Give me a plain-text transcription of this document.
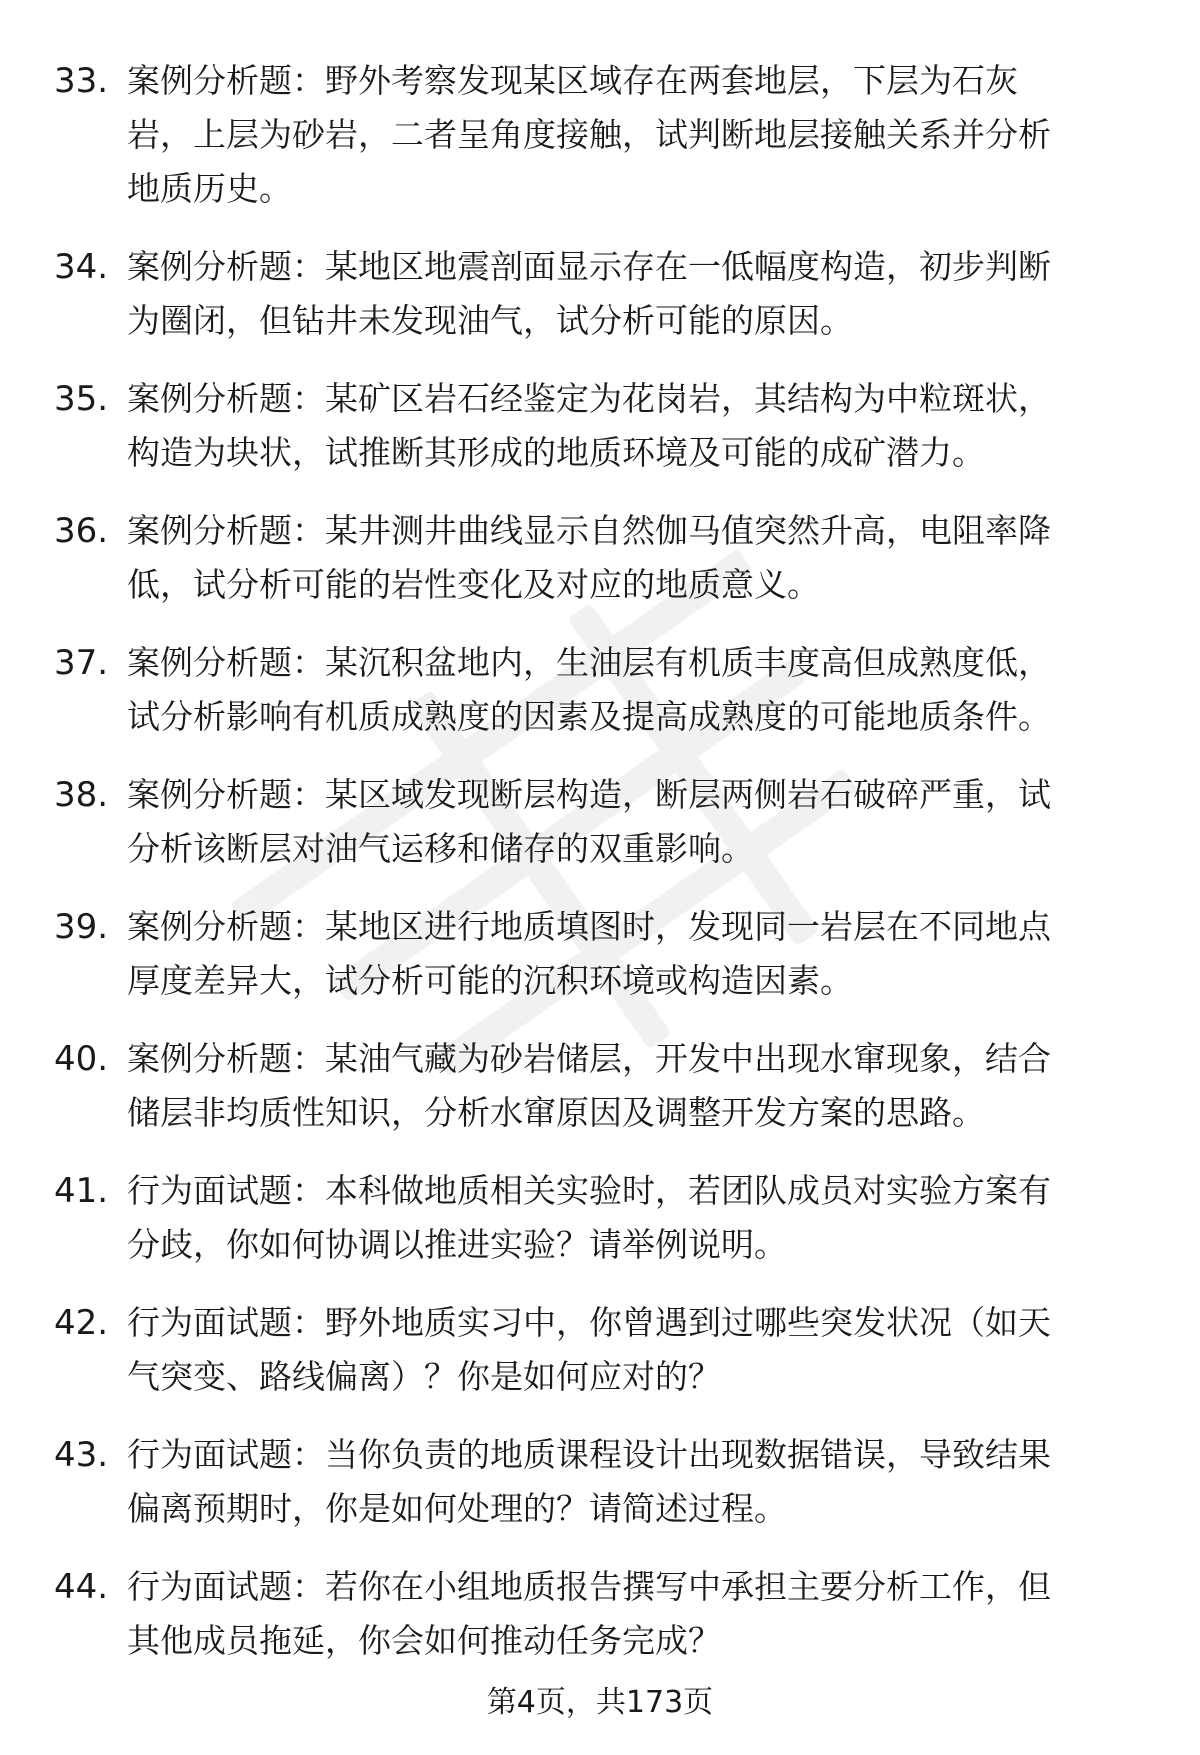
33. 案例分析题：野外考察发现某区域存在两套地层，下层为石灰
岩，上层为砂岩，二者呈角度接触，试判断地层接触关系并分析
地质历史。
34. 案例分析题：某地区地震剖面显示存在一低幅度构造，初步判断
为圈闭，但钻井未发现油气，试分析可能的原因。
35. 案例分析题：某矿区岩石经鉴定为花岗岩，其结构为中粒斑状，
构造为块状，试推断其形成的地质环境及可能的成矿潜力。
36. 案例分析题：某井测井曲线显示自然伽马值突然升高，电阻率降
低，试分析可能的岩性变化及对应的地质意义。
37. 案例分析题：某沉积盆地内，生油层有机质丰度高但成熟度低，
试分析影响有机质成熟度的因素及提高成熟度的可能地质条件。
38. 案例分析题：某区域发现断层构造，断层两侧岩石破碎严重，试
分析该断层对油气运移和储存的双重影响。
39. 案例分析题：某地区进行地质填图时，发现同一岩层在不同地点
厚度差异大，试分析可能的沉积环境或构造因素。
40. 案例分析题：某油气藏为砂岩储层，开发中出现水窜现象，结合
储层非均质性知识，分析水窜原因及调整开发方案的思路。
41. 行为面试题：本科做地质相关实验时，若团队成员对实验方案有
分歧，你如何协调以推进实验？请举例说明。
42. 行为面试题：野外地质实习中，你曾遇到过哪些突发状况（如天
气突变、路线偏离）？你是如何应对的？
43. 行为面试题：当你负责的地质课程设计出现数据错误，导致结果
偏离预期时，你是如何处理的？请简述过程。
44. 行为面试题：若你在小组地质报告撰写中承担主要分析工作，但
其他成员拖延，你会如何推动任务完成？
第4页，共173页
